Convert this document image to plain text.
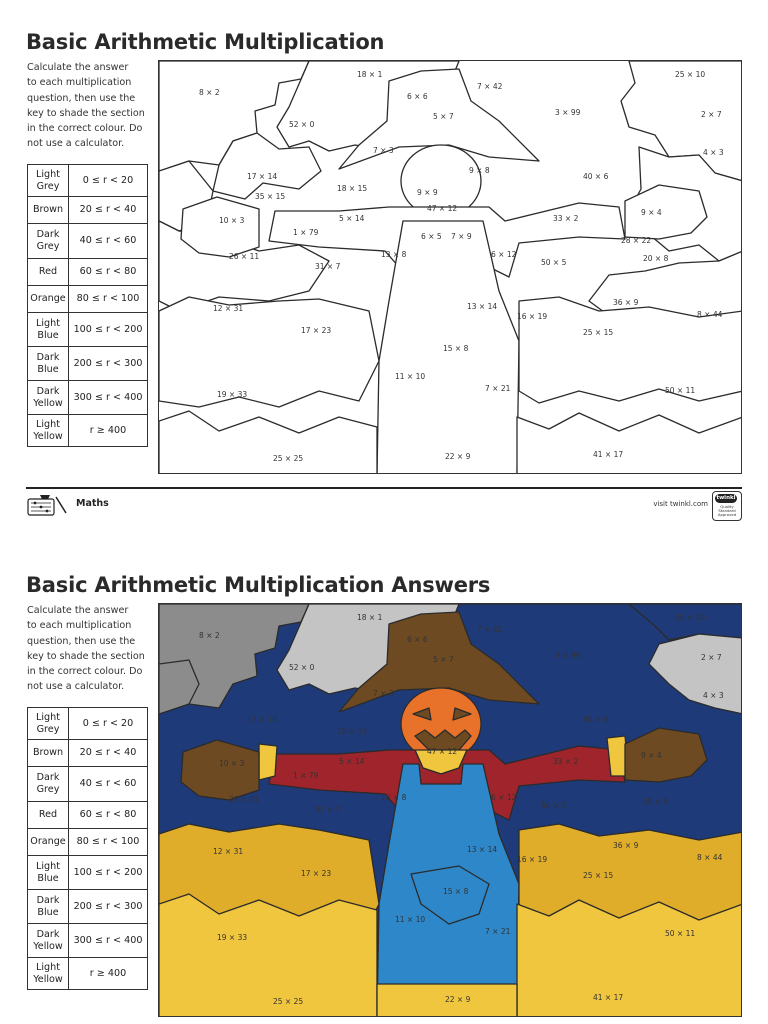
Basic Arithmetic Multiplication
Calculate the answer
to each multiplication
question, then use the
key to shade the section
in the correct colour. Do
not use a calculator.
Light Grey	0 ≤ r < 20
Brown	20 ≤ r < 40
Dark Grey	40 ≤ r < 60
Red	60 ≤ r < 80
Orange	80 ≤ r < 100
Light Blue	100 ≤ r < 200
Dark Blue	200 ≤ r < 300
Dark Yellow	300 ≤ r < 400
Light Yellow	r ≥ 400
8 × 2
18 × 1	25 × 10
6 × 6
7 × 42
52 × 0
5 × 7	3 × 99	2 × 7
4 × 3
7 × 3
17 × 14
18 × 15
40 × 6
35 × 15
10 × 3	5 × 14	33 × 2
9 × 4
1 × 79
13 × 8	6 × 12
28 × 22
26 × 11
31 × 7	50 × 5	20 × 8
12 × 31
36 × 9
8 × 44
17 × 23
13 × 14
16 × 19
25 × 15
15 × 8
11 × 10
19 × 33
7 × 21	50 × 11
25 × 25	22 × 9	41 × 17
47 × 12
9 × 9
9 × 8
7 × 9
6 × 5
Maths	visit twinkl.com
twinkl
Quality Standard Approved
Basic Arithmetic Multiplication Answers
Calculate the answer
to each multiplication
question, then use the
key to shade the section
in the correct colour. Do
not use a calculator.
Light Grey	0 ≤ r < 20
Brown	20 ≤ r < 40
Dark Grey	40 ≤ r < 60
Red	60 ≤ r < 80
Orange	80 ≤ r < 100
Light Blue	100 ≤ r < 200
Dark Blue	200 ≤ r < 300
Dark Yellow	300 ≤ r < 400
Light Yellow	r ≥ 400
8 × 2
18 × 1	25 × 10
6 × 6
7 × 42
52 × 0
5 × 7	3 × 99	2 × 7
4 × 3
7 × 3
17 × 14
18 × 15
40 × 6
10 × 3	5 × 14	33 × 2
9 × 4
1 × 79
13 × 8	6 × 12
26 × 11
31 × 7	50 × 5	20 × 8
12 × 31
36 × 9
8 × 44
17 × 23
13 × 14
16 × 19
25 × 15
15 × 8
11 × 10
19 × 33
7 × 21	50 × 11
25 × 25	22 × 9	41 × 17
47 × 12
